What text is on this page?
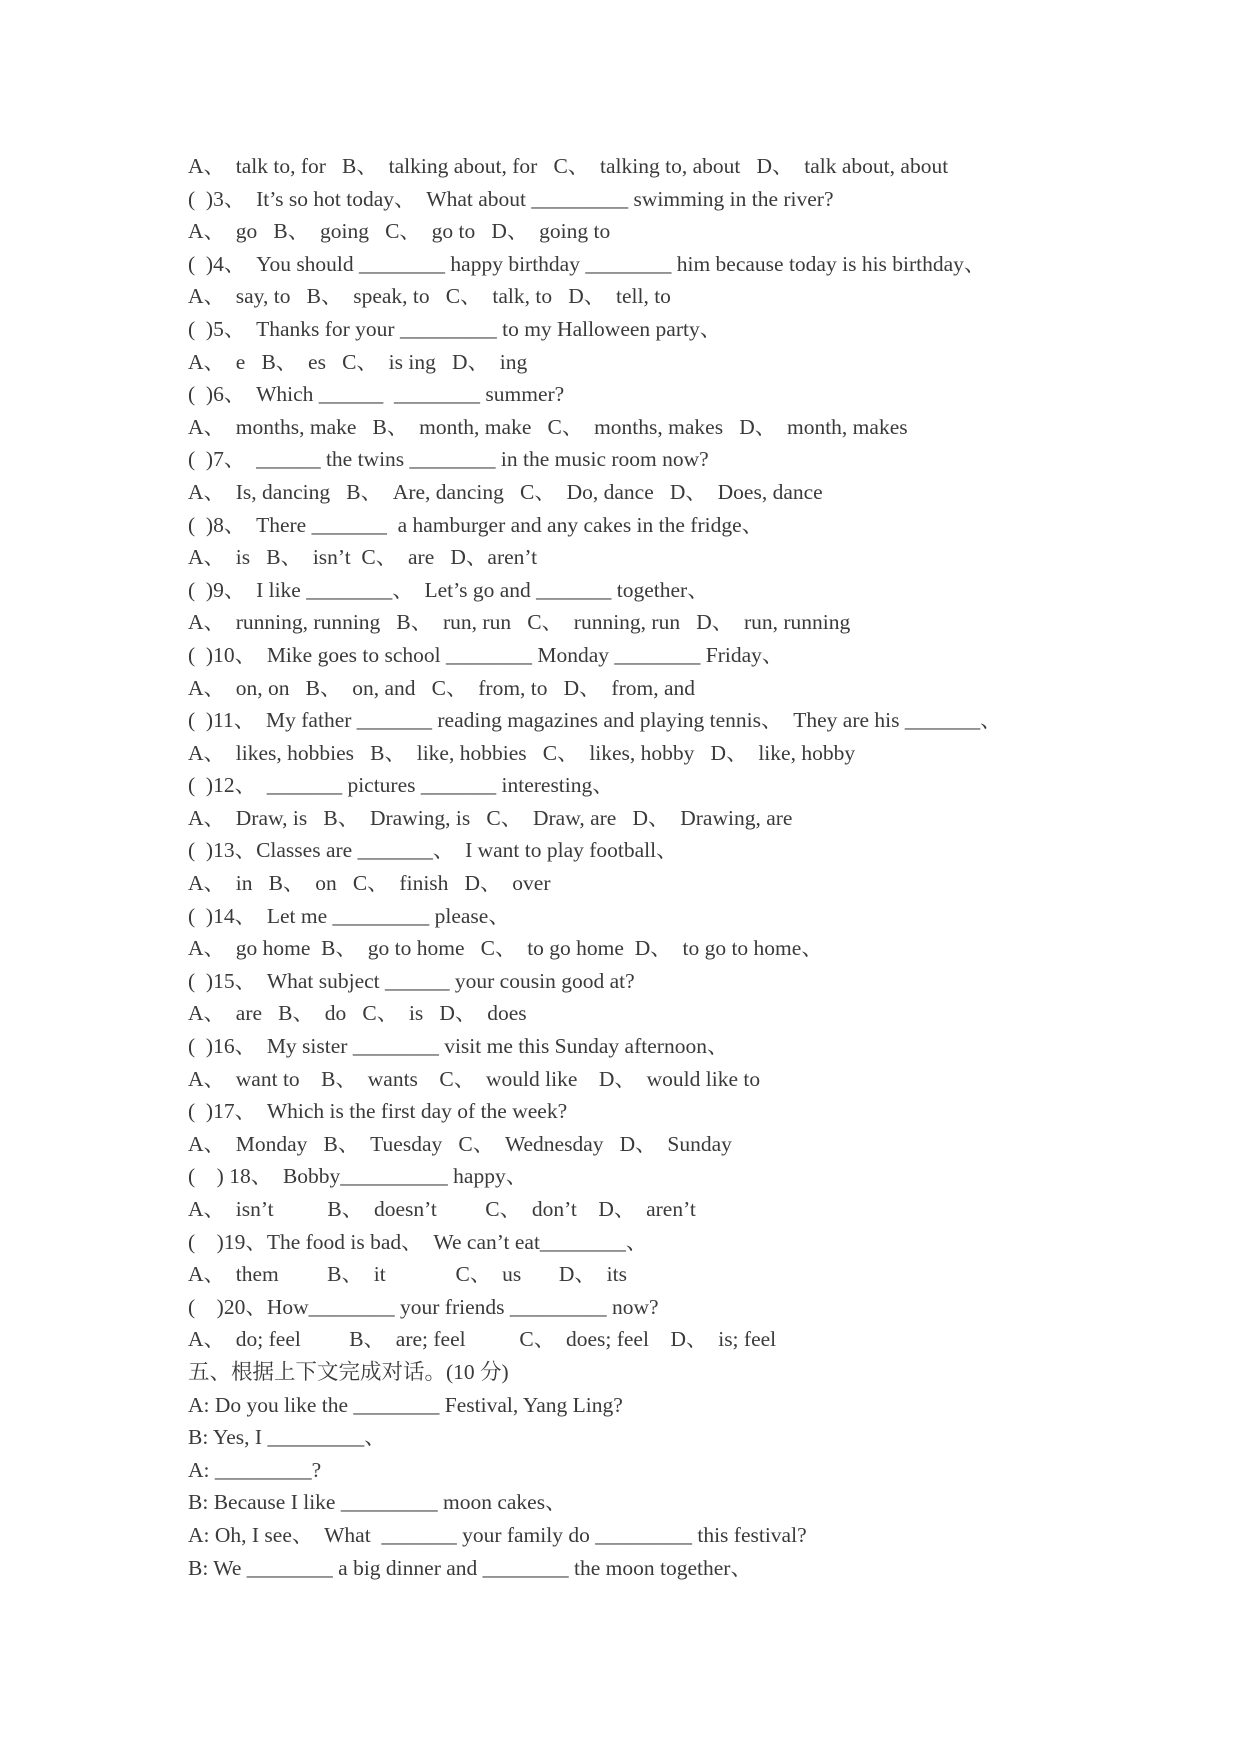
A、  talk to, for   B、  talking about, for   C、  talking to, about   D、  talk about, about
(  )3、  It’s so hot today、  What about _________ swimming in the river?
A、  go   B、  going   C、  go to   D、  going to
(  )4、  You should ________ happy birthday ________ him because today is his birthday、
A、  say, to   B、  speak, to   C、  talk, to   D、  tell, to
(  )5、  Thanks for your _________ to my Halloween party、
A、  e   B、  es   C、  is ing   D、  ing
(  )6、  Which ______  ________ summer?
A、  months, make   B、  month, make   C、  months, makes   D、  month, makes
(  )7、  ______ the twins ________ in the music room now?
A、  Is, dancing   B、  Are, dancing   C、  Do, dance   D、  Does, dance
(  )8、  There _______  a hamburger and any cakes in the fridge、
A、  is   B、  isn’t  C、  are   D、aren’t
(  )9、  I like ________、  Let’s go and _______ together、
A、  running, running   B、  run, run   C、  running, run   D、  run, running
(  )10、  Mike goes to school ________ Monday ________ Friday、
A、  on, on   B、  on, and   C、  from, to   D、  from, and
(  )11、  My father _______ reading magazines and playing tennis、  They are his _______、
A、  likes, hobbies   B、  like, hobbies   C、  likes, hobby   D、  like, hobby
(  )12、  _______ pictures _______ interesting、
A、  Draw, is   B、  Drawing, is   C、  Draw, are   D、  Drawing, are
(  )13、Classes are _______、  I want to play football、
A、  in   B、  on   C、  finish   D、  over
(  )14、  Let me _________ please、
A、  go home  B、  go to home   C、  to go home  D、  to go to home、
(  )15、  What subject ______ your cousin good at?
A、  are   B、  do   C、  is   D、  does
(  )16、  My sister ________ visit me this Sunday afternoon、
A、  want to    B、  wants    C、  would like    D、  would like to
(  )17、  Which is the first day of the week?
A、  Monday   B、  Tuesday   C、  Wednesday   D、  Sunday
(    ) 18、  Bobby__________ happy、
A、  isn’t          B、  doesn’t         C、  don’t    D、  aren’t
(    )19、The food is bad、  We can’t eat________、
A、  them         B、  it             C、  us       D、  its
(    )20、How________ your friends _________ now?
A、  do; feel         B、  are; feel          C、  does; feel    D、  is; feel
五、根据上下文完成对话。(10 分)
A: Do you like the ________ Festival, Yang Ling?
B: Yes, I _________、
A: _________?
B: Because I like _________ moon cakes、
A: Oh, I see、  What  _______ your family do _________ this festival?
B: We ________ a big dinner and ________ the moon together、
